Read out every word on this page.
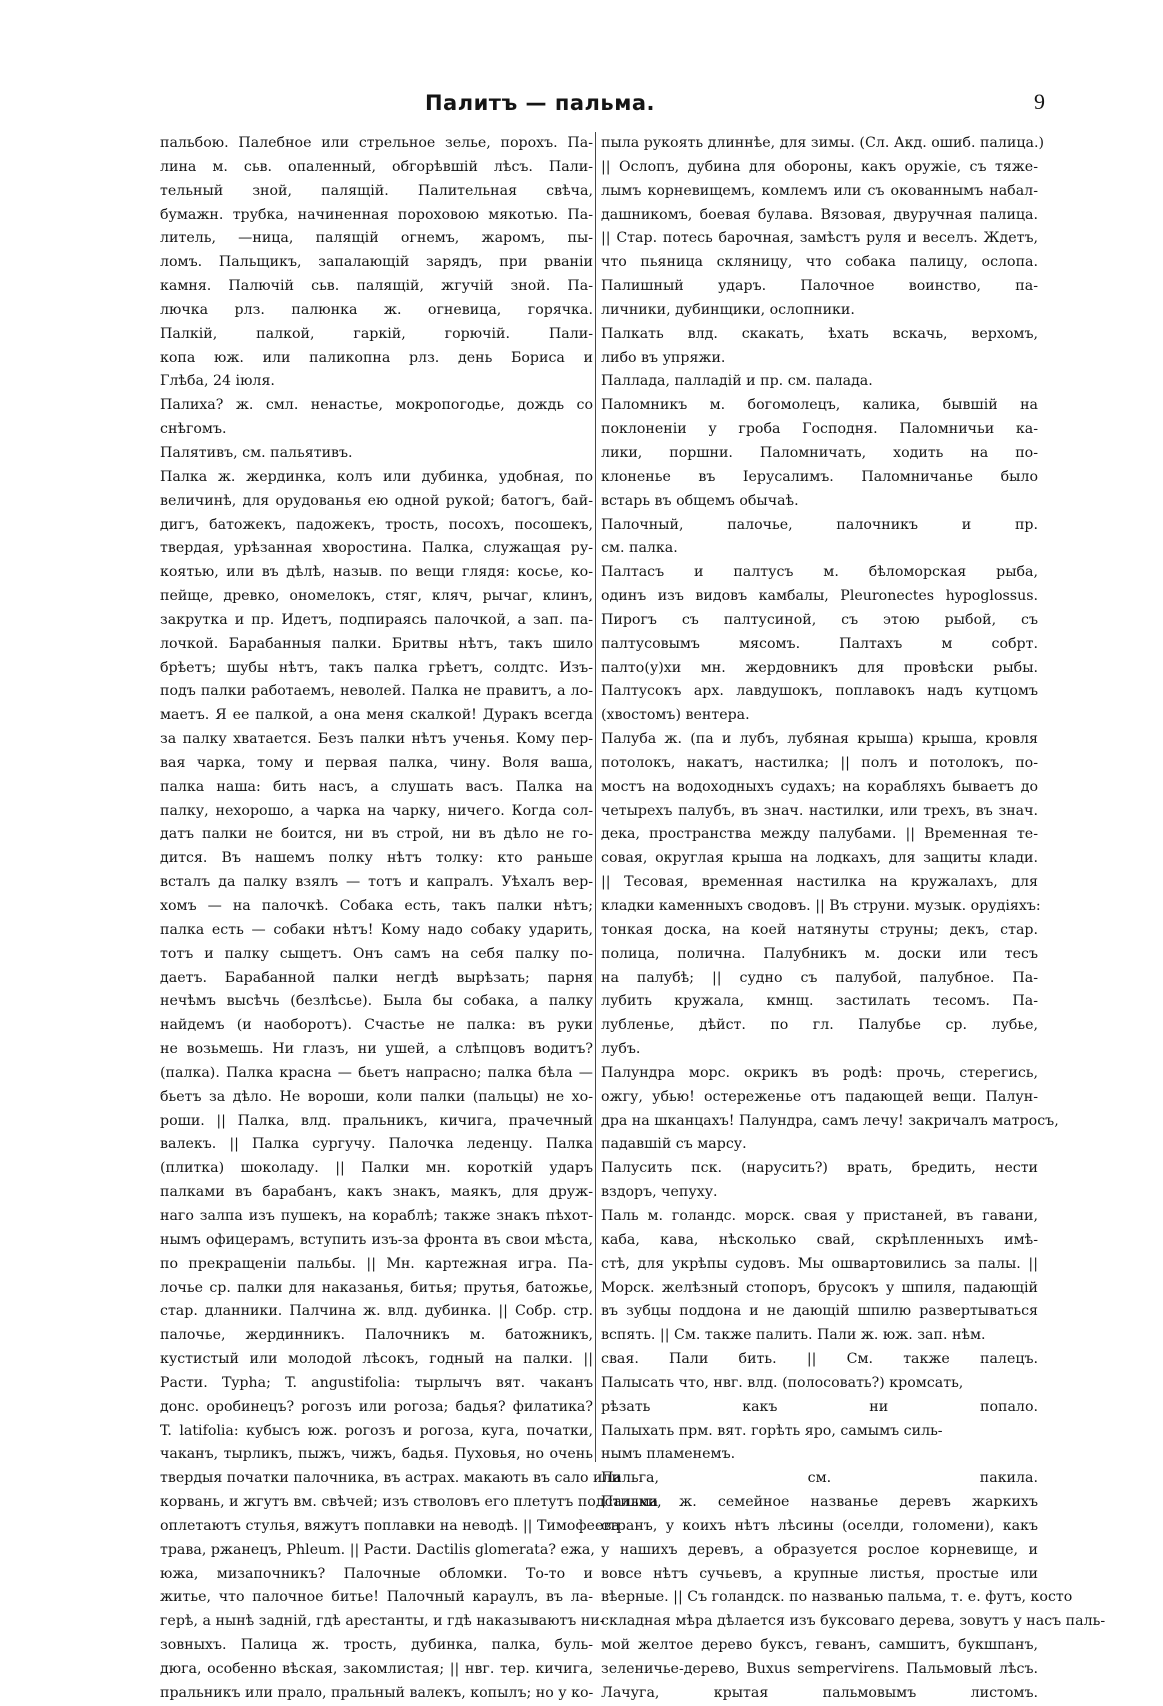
Палитъ — пальма.	9
пальбою. Палебное или стрельное зелье, порохъ. Па-
лина м. сьв. опаленный, обгорѣвшій лѣсъ. Пали-
тельный зной, палящій. Палительная свѣча,
бумажн. трубка, начиненная пороховою мякотью. Па-
литель, —ница, палящій огнемъ, жаромъ, пы-
ломъ. Пальщикъ, запалающій зарядъ, при рваніи
камня. Палючій сьв. палящій, жгучій зной. Па-
лючка рлз. палюнка ж. огневица, горячка.
Палкій, палкой, гаркій, горючій. Пали-
копа юж. или паликопна рлз. день Бориса и
Глѣба, 24 іюля.
Палиха? ж. смл. ненастье, мокропогодье, дождь со
снѣгомъ.
Палятивъ, см. пальятивъ.
Палка ж. жердинка, колъ или дубинка, удобная, по
величинѣ, для орудованья ею одной рукой; батогъ, бай-
дигъ, батожекъ, падожекъ, трость, посохъ, посошекъ,
твердая, урѣзанная хворостина. Палка, служащая ру-
коятью, или въ дѣлѣ, назыв. по вещи глядя: косье, ко-
пейще, древко, ономелокъ, стяг, кляч, рычаг, клинъ,
закрутка и пр. Идетъ, подпираясь палочкой, а зап. па-
лочкой. Барабанныя палки. Бритвы нѣтъ, такъ шило
брѣетъ; шубы нѣтъ, такъ палка грѣетъ, солдтс. Изъ-
подъ палки работаемъ, неволей. Палка не правитъ, а ло-
маетъ. Я ее палкой, а она меня скалкой! Дуракъ всегда
за палку хватается. Безъ палки нѣтъ ученья. Кому пер-
вая чарка, тому и первая палка, чину. Воля ваша,
палка наша: бить насъ, а слушать васъ. Палка на
палку, нехорошо, а чарка на чарку, ничего. Когда сол-
датъ палки не боится, ни въ строй, ни въ дѣло не го-
дится. Въ нашемъ полку нѣтъ толку: кто раньше
всталъ да палку взялъ — тотъ и капралъ. Уѣхалъ вер-
хомъ — на палочкѣ. Собака есть, такъ палки нѣтъ;
палка есть — собаки нѣтъ! Кому надо собаку ударить,
тотъ и палку сыщетъ. Онъ самъ на себя палку по-
даетъ. Барабанной палки негдѣ вырѣзать; парня
нечѣмъ высѣчь (безлѣсье). Была бы собака, а палку
найдемъ (и наоборотъ). Счастье не палка: въ руки
не возьмешь. Ни глазъ, ни ушей, а слѣпцовъ водитъ?
(палка). Палка красна — бьетъ напрасно; палка бѣла —
бьетъ за дѣло. Не вороши, коли палки (пальцы) не хо-
роши. || Палка, влд. пральникъ, кичига, прачечный
валекъ. || Палка сургучу. Палочка леденцу. Палка
(плитка) шоколаду. || Палки мн. короткій ударъ
палками въ барабанъ, какъ знакъ, маякъ, для друж-
наго залпа изъ пушекъ, на кораблѣ; также знакъ пѣхот-
нымъ офицерамъ, вступить изъ-за фронта въ свои мѣста,
по прекращеніи пальбы. || Мн. картежная игра. Па-
лочье ср. палки для наказанья, битья; прутья, батожье,
стар. дланники. Палчина ж. влд. дубинка. || Собр. стр.
палочье, жердинникъ. Палочникъ м. батожникъ,
кустистый или молодой лѣсокъ, годный на палки. ||
Расти. Typha; T. angustifolia: тырлычъ вят. чаканъ
донс. оробинецъ? рогозъ или рогоза; бадья? филатика?
T. latifolia: кубысъ юж. рогозъ и рогоза, куга, початки,
чаканъ, тырликъ, пыжъ, чижъ, бадья. Пуховья, но очень
твердыя початки палочника, въ астрах. макають въ сало или
корвань, и жгутъ вм. свѣчей; изъ стволовъ его плетутъ подстилки,
оплетаютъ стулья, вяжутъ поплавки на неводѣ. || Тимофеева
трава, ржанецъ, Phleum. || Расти. Dactilis glomerata? ежа,
южа, мизапочникъ? Палочные обломки. То-то и
житье, что палочное битье! Палочный караулъ, въ ла-
герѣ, а нынѣ задній, гдѣ арестанты, и гдѣ наказываютъ ни-
зовныхъ. Палица ж. трость, дубинка, палка, буль-
дюга, особенно вѣская, закомлистая; || нвг. тер. кичига,
пральникъ или прало, пральный валекъ, копылъ; но у ко-
пыла рукоять длиннѣе, для зимы. (Сл. Акд. ошиб. палица.)
|| Ослопъ, дубина для обороны, какъ оружіе, съ тяже-
лымъ корневищемъ, комлемъ или съ окованнымъ набал-
дашникомъ, боевая булава. Вязовая, двуручная палица.
|| Стар. потесь барочная, замѣстъ руля и веселъ. Ждетъ,
что пьяница скляницу, что собака палицу, ослопа.
Палишный ударъ. Палочное воинство, па-
личники, дубинщики, ослопники.
Палкать влд. скакать, ѣхать вскачь, верхомъ,
либо въ упряжи.
Паллада, палладій и пр. см. палада.
Паломникъ м. богомолецъ, калика, бывшій на
поклоненіи у гроба Господня. Паломничьи ка-
лики, поршни. Паломничать, ходить на по-
клоненье въ Іерусалимъ. Паломничанье было
встарь въ общемъ обычаѣ.
Палочный, палочье, палочникъ и пр.
см. палка.
Палтасъ и палтусъ м. бѣломорская рыба,
одинъ изъ видовъ камбалы, Pleuronectes hypoglossus.
Пирогъ съ палтусиной, съ этою рыбой, съ
палтусовымъ мясомъ. Палтахъ м собрт.
палто(у)хи мн. жердовникъ для провѣски рыбы.
Палтусокъ арх. лавдушокъ, поплавокъ надъ кутцомъ
(хвостомъ) вентера.
Палуба ж. (па и лубъ, лубяная крыша) крыша, кровля
потолокъ, накатъ, настилка; || полъ и потолокъ, по-
мостъ на водоходныхъ судахъ; на корабляхъ бываетъ до
четырехъ палубъ, въ знач. настилки, или трехъ, въ знач.
дека, пространства между палубами. || Временная те-
совая, округлая крыша на лодкахъ, для защиты клади.
|| Тесовая, временная настилка на кружалахъ, для
кладки каменныхъ сводовъ. || Въ струни. музык. орудіяхъ:
тонкая доска, на коей натянуты струны; декъ, стар.
полица, полична. Палубникъ м. доски или тесъ
на палубѣ; || судно съ палубой, палубное. Па-
лубить кружала, кмнщ. застилать тесомъ. Па-
лубленье, дѣйст. по гл. Палубье ср. лубье,
лубъ.
Палундра морс. окрикъ въ родѣ: прочь, стерегись,
ожгу, убью! остереженье отъ падающей вещи. Палун-
дра на шканцахъ! Палундра, самъ лечу! закричалъ матросъ,
падавшій съ марсу.
Палусить пск. (нарусить?) врать, бредить, нести
вздоръ, чепуху.
Паль м. голандс. морск. свая у пристаней, въ гавани,
каба, кава, нѣсколько свай, скрѣпленныхъ имѣ-
стѣ, для укрѣпы судовъ. Мы ошвартовились за палы. ||
Морск. желѣзный стопоръ, брусокъ у шпиля, падающій
въ зубцы поддона и не дающій шпилю развертываться
вспять. || См. также палить. Пали ж. юж. зап. нѣм.
свая. Пали бить. || См. также палецъ.
Палысать что, нвг. влд. (полосовать?) кромсать,
рѣзать какъ ни попало.
Палыхать прм. вят. горѣть яро, самымъ силь-
нымъ пламенемъ.
Пальга, см. пакила.
Пальма ж. семейное названье деревъ жаркихъ
странъ, у коихъ нѣтъ лѣсины (оселди, голомени), какъ
у нашихъ деревъ, а образуется рослое корневище, и
вовсе нѣтъ сучьевъ, а крупные листья, простые или
вѣерные. || Съ голандск. по названью пальма, т. е. футъ, косто
складная мѣра дѣлается изъ буксоваго дерева, зовутъ у насъ паль-
мой желтое дерево буксъ, геванъ, самшитъ, букшпанъ,
зеленичье-дерево, Buxus sempervirens. Пальмовый лѣсъ.
Лачуга, крытая пальмовымъ листомъ.
